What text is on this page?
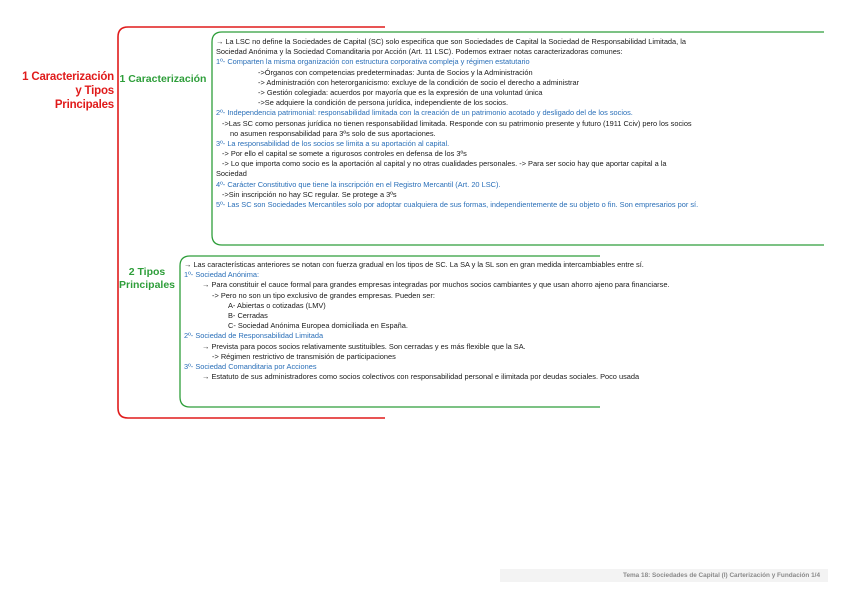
1 Caracterización
y Tipos
Principales
1 Caracterización
2 Tipos Principales
→ La LSC no define la Sociedades de Capital (SC) solo especifica que son Sociedades de Capital la Sociedad de Responsabilidad Limitada, la
Sociedad Anónima y la Sociedad Comanditaria por Acción (Art. 11 LSC). Podemos extraer notas caracterizadoras comunes:
1º- Comparten la misma organización con estructura corporativa compleja y régimen estatutario
->Órganos con competencias predeterminadas: Junta de Socios y la Administración
-> Administración con heterorganicismo: excluye de la condición de socio el derecho a administrar
-> Gestión colegiada: acuerdos por mayoría que es la expresión de una voluntad única
->Se adquiere la condición de persona jurídica, independiente de los socios.
2º- Independencia patrimonial: responsabilidad limitada con la creación de un patrimonio acotado y desligado del de los socios.
->Las SC como personas jurídica no tienen responsabilidad limitada. Responde con su patrimonio presente y futuro (1911 Cciv) pero los socios
no asumen responsabilidad para 3ºs solo de sus aportaciones.
3º- La responsabilidad de los socios se limita a su aportación al capital.
-> Por ello el capital se somete a rigurosos controles en defensa de los 3ºs
-> Lo que importa como socio es la aportación al capital y no otras cualidades personales. -> Para ser socio hay que aportar capital a la
Sociedad
4º- Carácter Constitutivo que tiene la inscripción en el Registro Mercantil (Art. 20 LSC).
->Sin inscripción no hay SC regular. Se protege a 3ºs
5º- Las SC son Sociedades Mercantiles solo por adoptar cualquiera de sus formas, independientemente de su objeto o fin. Son empresarios por sí.
→ Las características anteriores se notan con fuerza gradual en los tipos de SC. La SA y la SL son en gran medida intercambiables entre sí.
1º- Sociedad Anónima:
→ Para constituir el cauce formal para grandes empresas integradas por muchos socios cambiantes y que usan ahorro ajeno para financiarse.
-> Pero no son un tipo exclusivo de grandes empresas. Pueden ser:
A- Abiertas o cotizadas (LMV)
B- Cerradas
C- Sociedad Anónima Europea domiciliada en España.
2º- Sociedad de Responsabilidad Limitada
→ Prevista para pocos socios relativamente sustituibles. Son cerradas y es más flexible que la SA.
-> Régimen restrictivo de transmisión de participaciones
3º- Sociedad Comanditaria por Acciones
→ Estatuto de sus administradores como socios colectivos con responsabilidad personal e ilimitada por deudas sociales. Poco usada
Tema 18: Sociedades de Capital (I) Carterización y Fundación 1/4
